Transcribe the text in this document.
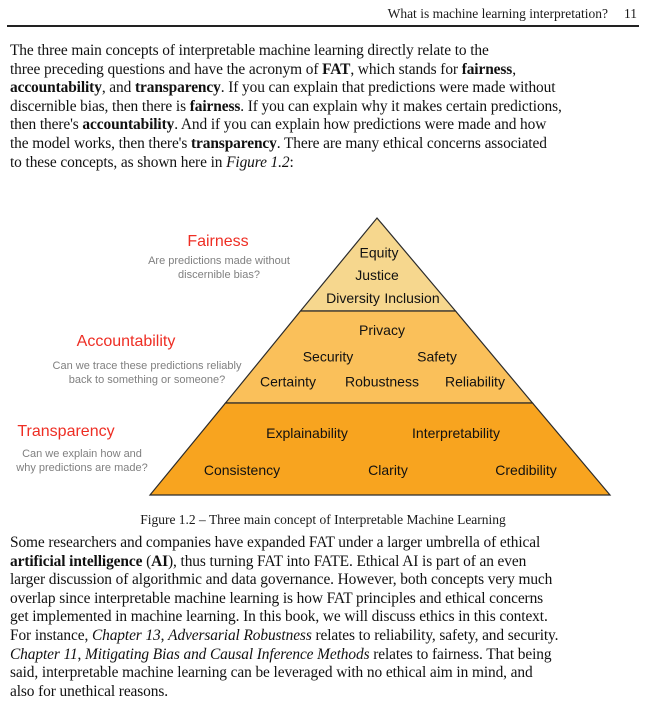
What is machine learning interpretation? 11
The three main concepts of interpretable machine learning directly relate to the
three preceding questions and have the acronym of FAT, which stands for fairness,
accountability, and transparency. If you can explain that predictions were made without
discernible bias, then there is fairness. If you can explain why it makes certain predictions,
then there's accountability. And if you can explain how predictions were made and how
the model works, then there's transparency. There are many ethical concerns associated
to these concepts, as shown here in Figure 1.2:
Equity
Justice
Diversity Inclusion
Privacy
Security	Safety
Certainty Robustness Reliability
Explainability	Interpretability
Consistency	Clarity	Credibility
Fairness
Are predictions made without
discernible bias?
Accountability
Can we trace these predictions reliably
back to something or someone?
Transparency
Can we explain how and
why predictions are made?
Figure 1.2 – Three main concept of Interpretable Machine Learning
Some researchers and companies have expanded FAT under a larger umbrella of ethical
artificial intelligence (AI), thus turning FAT into FATE. Ethical AI is part of an even
larger discussion of algorithmic and data governance. However, both concepts very much
overlap since interpretable machine learning is how FAT principles and ethical concerns
get implemented in machine learning. In this book, we will discuss ethics in this context.
For instance, Chapter 13, Adversarial Robustness relates to reliability, safety, and security.
Chapter 11, Mitigating Bias and Causal Inference Methods relates to fairness. That being
said, interpretable machine learning can be leveraged with no ethical aim in mind, and
also for unethical reasons.
